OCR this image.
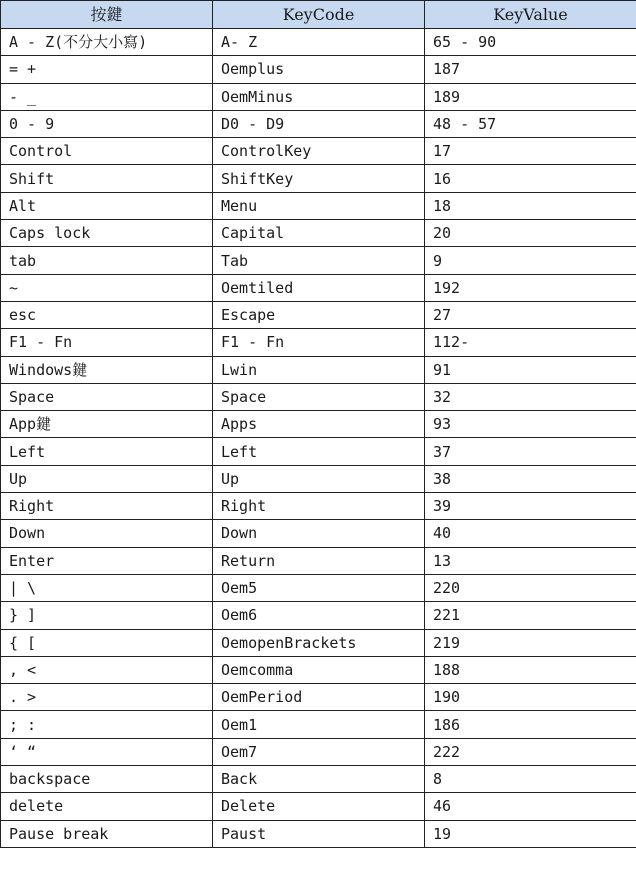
按鍵	KeyCode	KeyValue
A - Z(不分大小寫)	A- Z	65 - 90
= +	Oemplus	187
- _	OemMinus	189
0 - 9	D0 - D9	48 - 57
Control	ControlKey	17
Shift	ShiftKey	16
Alt	Menu	18
Caps lock	Capital	20
tab	Tab	9
~	Oemtiled	192
esc	Escape	27
F1 - Fn	F1 - Fn	112-
Windows鍵	Lwin	91
Space	Space	32
App鍵	Apps	93
Left	Left	37
Up	Up	38
Right	Right	39
Down	Down	40
Enter	Return	13
| \	Oem5	220
} ]	Oem6	221
{ [	OemopenBrackets	219
, <	Oemcomma	188
. >	OemPeriod	190
; :	Oem1	186
‘ “	Oem7	222
backspace	Back	8
delete	Delete	46
Pause break	Paust	19
